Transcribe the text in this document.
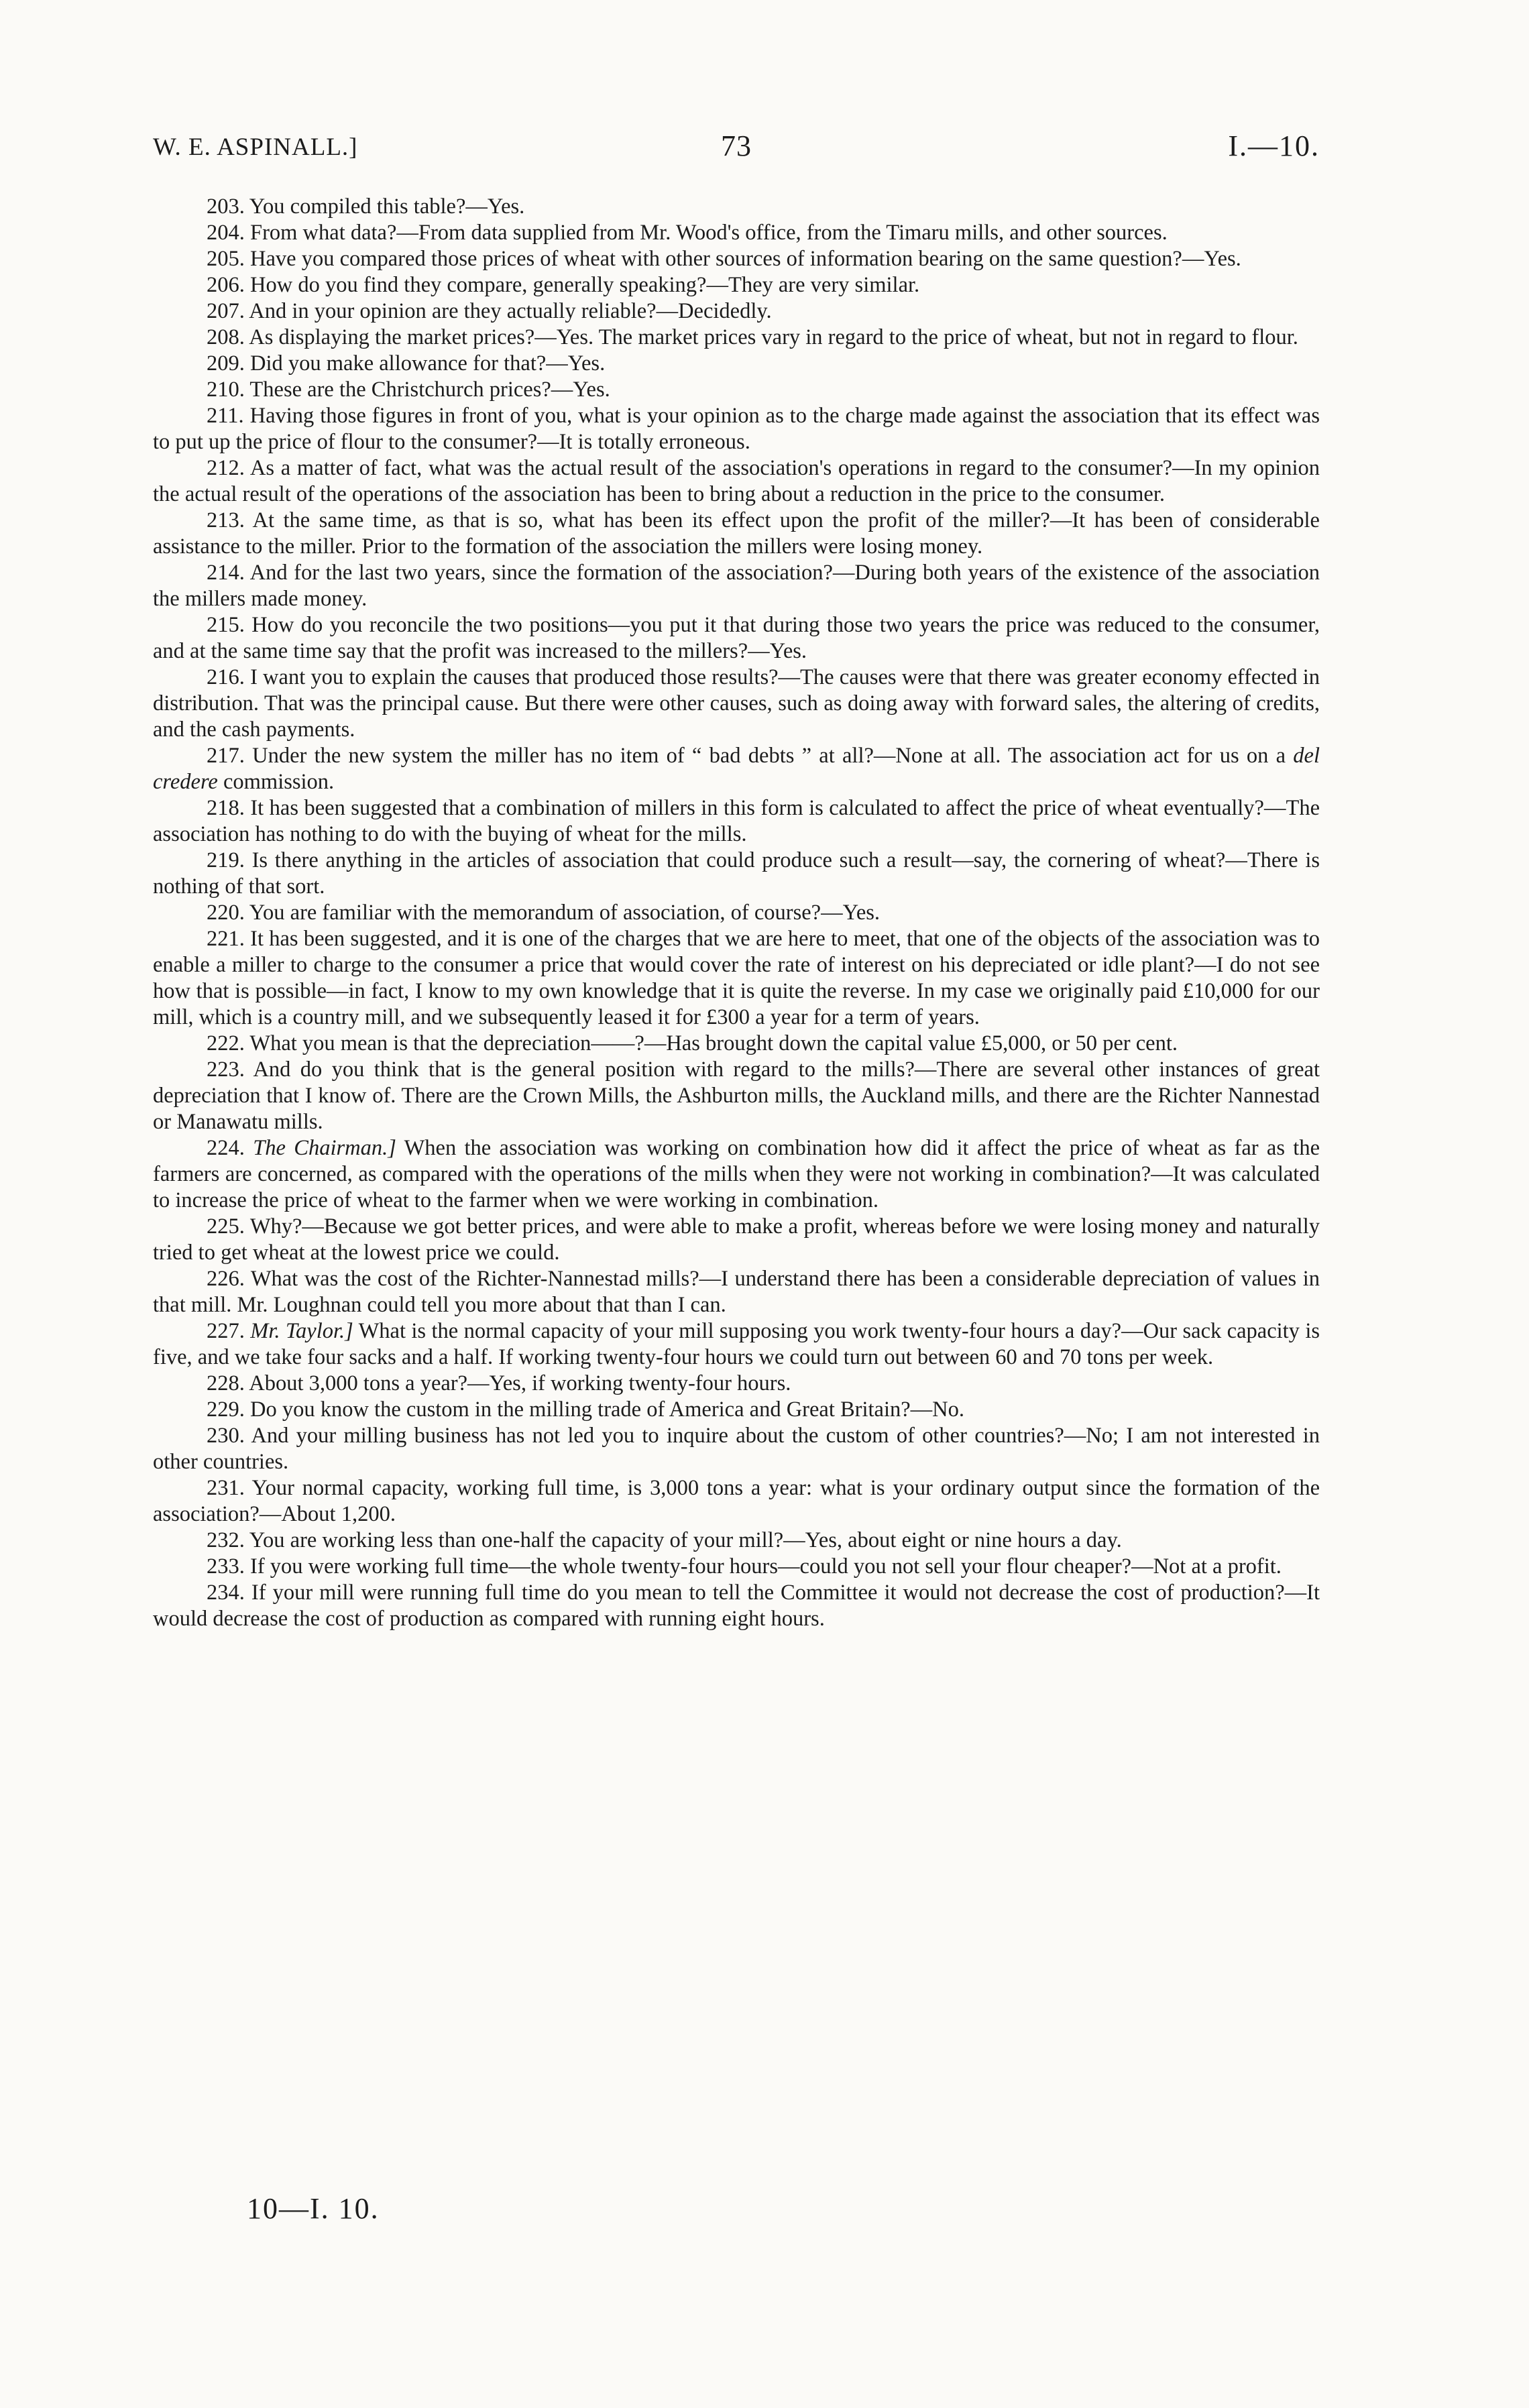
W. E. ASPINALL.]	73	I.—10.

203. You compiled this table?—Yes.

204. From what data?—From data supplied from Mr. Wood's office, from the Timaru mills, and other sources.

205. Have you compared those prices of wheat with other sources of information bearing on the same question?—Yes.

206. How do you find they compare, generally speaking?—They are very similar.

207. And in your opinion are they actually reliable?—Decidedly.

208. As displaying the market prices?—Yes. The market prices vary in regard to the price of wheat, but not in regard to flour.

209. Did you make allowance for that?—Yes.

210. These are the Christchurch prices?—Yes.

211. Having those figures in front of you, what is your opinion as to the charge made against the association that its effect was to put up the price of flour to the consumer?—It is totally erroneous.

212. As a matter of fact, what was the actual result of the association's operations in regard to the consumer?—In my opinion the actual result of the operations of the association has been to bring about a reduction in the price to the consumer.

213. At the same time, as that is so, what has been its effect upon the profit of the miller?—It has been of considerable assistance to the miller. Prior to the formation of the association the millers were losing money.

214. And for the last two years, since the formation of the association?—During both years of the existence of the association the millers made money.

215. How do you reconcile the two positions—you put it that during those two years the price was reduced to the consumer, and at the same time say that the profit was increased to the millers?—Yes.

216. I want you to explain the causes that produced those results?—The causes were that there was greater economy effected in distribution. That was the principal cause. But there were other causes, such as doing away with forward sales, the altering of credits, and the cash payments.

217. Under the new system the miller has no item of “ bad debts ” at all?—None at all. The association act for us on a del credere commission.

218. It has been suggested that a combination of millers in this form is calculated to affect the price of wheat eventually?—The association has nothing to do with the buying of wheat for the mills.

219. Is there anything in the articles of association that could produce such a result—say, the cornering of wheat?—There is nothing of that sort.

220. You are familiar with the memorandum of association, of course?—Yes.

221. It has been suggested, and it is one of the charges that we are here to meet, that one of the objects of the association was to enable a miller to charge to the consumer a price that would cover the rate of interest on his depreciated or idle plant?—I do not see how that is possible—in fact, I know to my own knowledge that it is quite the reverse. In my case we originally paid £10,000 for our mill, which is a country mill, and we subsequently leased it for £300 a year for a term of years.

222. What you mean is that the depreciation——?—Has brought down the capital value £5,000, or 50 per cent.

223. And do you think that is the general position with regard to the mills?—There are several other instances of great depreciation that I know of. There are the Crown Mills, the Ashburton mills, the Auckland mills, and there are the Richter Nannestad or Manawatu mills.

224. The Chairman.] When the association was working on combination how did it affect the price of wheat as far as the farmers are concerned, as compared with the operations of the mills when they were not working in combination?—It was calculated to increase the price of wheat to the farmer when we were working in combination.

225. Why?—Because we got better prices, and were able to make a profit, whereas before we were losing money and naturally tried to get wheat at the lowest price we could.

226. What was the cost of the Richter-Nannestad mills?—I understand there has been a considerable depreciation of values in that mill. Mr. Loughnan could tell you more about that than I can.

227. Mr. Taylor.] What is the normal capacity of your mill supposing you work twenty-four hours a day?—Our sack capacity is five, and we take four sacks and a half. If working twenty-four hours we could turn out between 60 and 70 tons per week.

228. About 3,000 tons a year?—Yes, if working twenty-four hours.

229. Do you know the custom in the milling trade of America and Great Britain?—No.

230. And your milling business has not led you to inquire about the custom of other countries?—No; I am not interested in other countries.

231. Your normal capacity, working full time, is 3,000 tons a year: what is your ordinary output since the formation of the association?—About 1,200.

232. You are working less than one-half the capacity of your mill?—Yes, about eight or nine hours a day.

233. If you were working full time—the whole twenty-four hours—could you not sell your flour cheaper?—Not at a profit.

234. If your mill were running full time do you mean to tell the Committee it would not decrease the cost of production?—It would decrease the cost of production as compared with running eight hours.

10—I. 10.
